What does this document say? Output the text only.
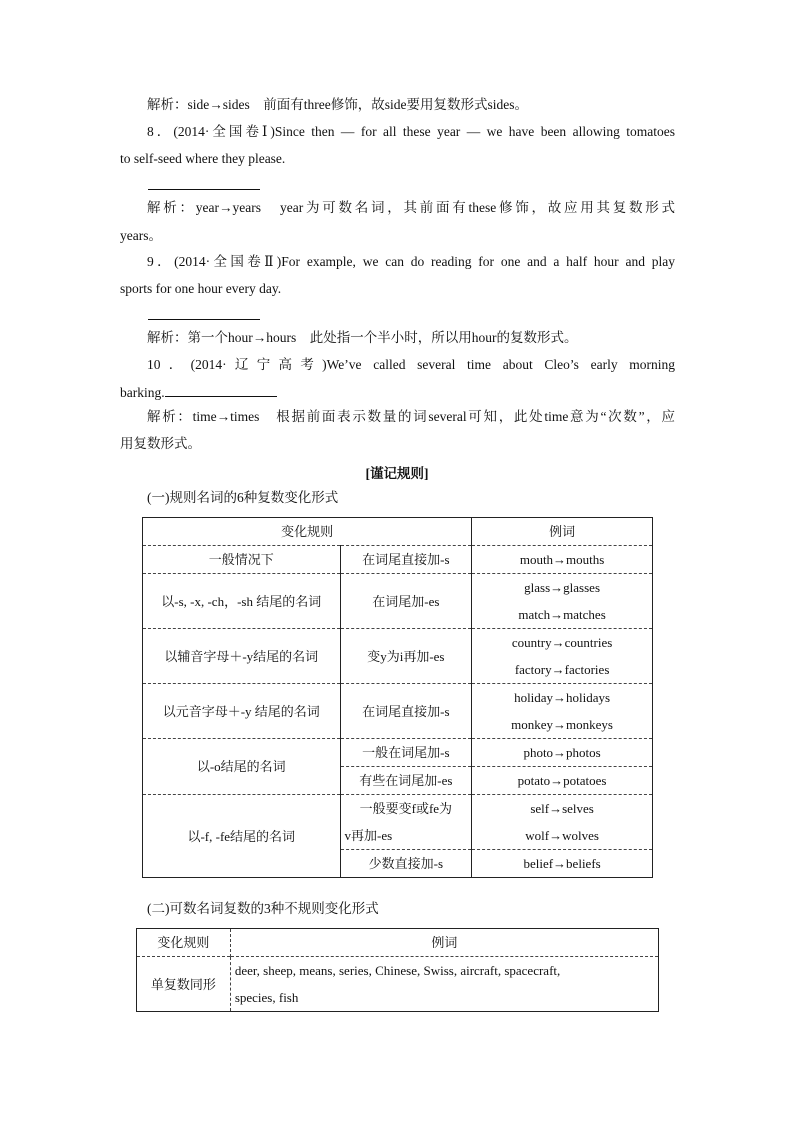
解析：side→sides　前面有three修饰，故side要用复数形式sides。
8．(2014·全国卷Ⅰ)Since then — for all these year — we have been allowing tomatoes
to self-seed where they please.
解析：year→years　year为可数名词，其前面有these修饰，故应用其复数形式
years。
9．(2014·全国卷Ⅱ)For example, we can do reading for one and a half hour and play
sports for one hour every day.
解析：第一个hour→hours　此处指一个半小时，所以用hour的复数形式。
10．(2014·辽宁高考)We’ve called several time about Cleo’s early morning
barking.
解析：time→times　根据前面表示数量的词several可知，此处time意为“次数”，应
用复数形式。
[谨记规则]
(一)规则名词的6种复数变化形式
变化规则		例词
一般情况下	在词尾直接加-s	mouth→mouths
以-s, -x, -ch，-sh 结尾的名词	在词尾加-es	glass→glasses
match→matches

以辅音字母＋-y结尾的名词	变y为i再加-es	country→countries
factory→factories

以元音字母＋-y 结尾的名词	在词尾直接加-s	holiday→holidays
monkey→monkeys

以-o结尾的名词	一般在词尾加-s	photo→photos
	有些在词尾加-es	potato→potatoes
以-f, -fe结尾的名词	一般要变f或fe为
v再加-es	self→selves
wolf→wolves

	少数直接加-s	belief→beliefs
(二)可数名词复数的3种不规则变化形式
变化规则	例词
单复数同形	deer, sheep, means, series, Chinese, Swiss, aircraft, spacecraft,
species, fish
